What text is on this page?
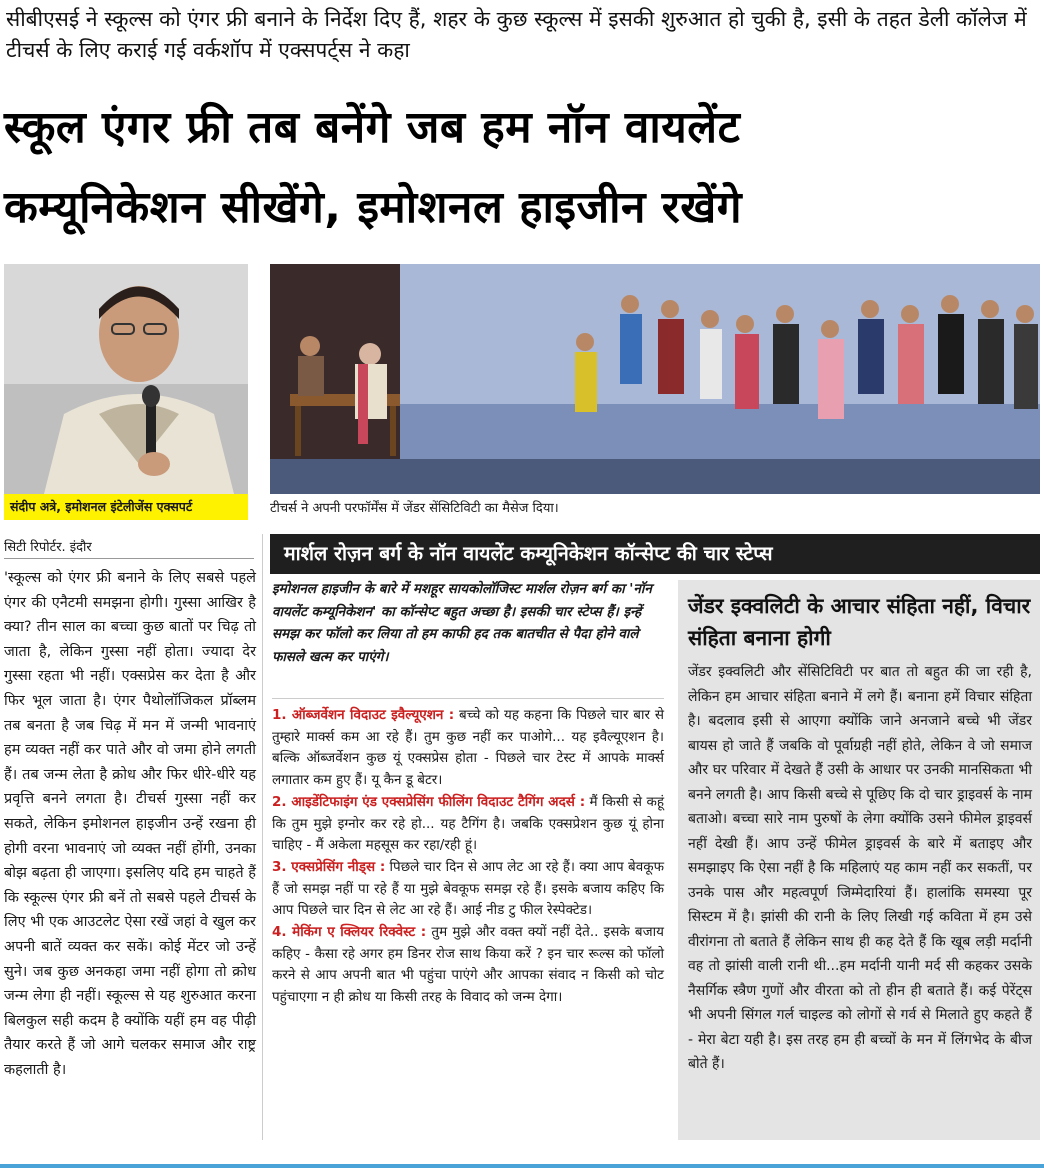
सीबीएसई ने स्कूल्स को एंगर फ्री बनाने के निर्देश दिए हैं, शहर के कुछ स्कूल्स में इसकी शुरुआत हो चुकी है, इसी के तहत डेली कॉलेज में टीचर्स के लिए कराई गई वर्कशॉप में एक्सपर्ट्स ने कहा
स्कूल एंगर फ्री तब बनेंगे जब हम नॉन वायलेंट
कम्यूनिकेशन सीखेंगे, इमोशनल हाइजीन रखेंगे
संदीप अत्रे, इमोशनल इंटेलीजेंस एक्सपर्ट	टीचर्स ने अपनी परफॉर्मेंस में जेंडर सेंसिटिविटी का मैसेज दिया।
सिटी रिपोर्टर. इंदौर
'स्कूल्स को एंगर फ्री बनाने के लिए सबसे पहले एंगर की एनैटमी समझना होगी। गुस्सा आखिर है क्या? तीन साल का बच्चा कुछ बातों पर चिढ़ तो जाता है, लेकिन गुस्सा नहीं होता। ज्यादा देर गुस्सा रहता भी नहीं। एक्सप्रेस कर देता है और फिर भूल जाता है। एंगर पैथोलॉजिकल प्रॉब्लम तब बनता है जब चिढ़ में मन में जन्मी भावनाएं हम व्यक्त नहीं कर पाते और वो जमा होने लगती हैं। तब जन्म लेता है क्रोध और फिर धीरे-धीरे यह प्रवृत्ति बनने लगता है। टीचर्स गुस्सा नहीं कर सकते, लेकिन इमोशनल हाइजीन उन्हें रखना ही होगी वरना भावनाएं जो व्यक्त नहीं होंगी, उनका बोझ बढ़ता ही जाएगा। इसलिए यदि हम चाहते हैं कि स्कूल्स एंगर फ्री बनें तो सबसे पहले टीचर्स के लिए भी एक आउटलेट ऐसा रखें जहां वे खुल कर अपनी बातें व्यक्त कर सकें। कोई मेंटर जो उन्हें सुने। जब कुछ अनकहा जमा नहीं होगा तो क्रोध जन्म लेगा ही नहीं। स्कूल्स से यह शुरुआत करना बिलकुल सही कदम है क्योंकि यहीं हम वह पीढ़ी तैयार करते हैं जो आगे चलकर समाज और राष्ट्र कहलाती है।
मार्शल रोज़न बर्ग के नॉन वायलेंट कम्यूनिकेशन कॉन्सेप्ट की चार स्टेप्स
इमोशनल हाइजीन के बारे में मशहूर सायकोलॉजिस्ट मार्शल रोज़न बर्ग का 'नॉन वायलेंट कम्यूनिकेशन' का कॉन्सेप्ट बहुत अच्छा है। इसकी चार स्टेप्स हैं। इन्हें समझ कर फॉलो कर लिया तो हम काफी हद तक बातचीत से पैदा होने वाले फासले खत्म कर पाएंगे।

1. ऑब्जर्वेशन विदाउट इवैल्यूएशन : बच्चे को यह कहना कि पिछले चार बार से तुम्हारे मार्क्स कम आ रहे हैं। तुम कुछ नहीं कर पाओगे... यह इवैल्यूएशन है। बल्कि ऑब्जर्वेशन कुछ यूं एक्सप्रेस होता - पिछले चार टेस्ट में आपके मार्क्स लगातार कम हुए हैं। यू कैन डू बेटर।

2. आइडेंटिफाइंग एंड एक्सप्रेसिंग फीलिंग विदाउट टैगिंग अदर्स : मैं किसी से कहूं कि तुम मुझे इग्नोर कर रहे हो... यह टैगिंग है। जबकि एक्सप्रेशन कुछ यूं होना चाहिए - मैं अकेला महसूस कर रहा/रही हूं।

3. एक्सप्रेसिंग नीड्स : पिछले चार दिन से आप लेट आ रहे हैं। क्या आप बेवकूफ हैं जो समझ नहीं पा रहे हैं या मुझे बेवकूफ समझ रहे हैं। इसके बजाय कहिए कि आप पिछले चार दिन से लेट आ रहे हैं। आई नीड टु फील रेस्पेक्टेड।

4. मेकिंग ए क्लियर रिक्वेस्ट : तुम मुझे और वक्त क्यों नहीं देते.. इसके बजाय कहिए - कैसा रहे अगर हम डिनर रोज साथ किया करें ? इन चार रूल्स को फॉलो करने से आप अपनी बात भी पहुंचा पाएंगे और आपका संवाद न किसी को चोट पहुंचाएगा न ही क्रोध या किसी तरह के विवाद को जन्म देगा।

जेंडर इक्वलिटी के आचार संहिता नहीं, विचार संहिता बनाना होगी
जेंडर इक्वलिटी और सेंसिटिविटी पर बात तो बहुत की जा रही है, लेकिन हम आचार संहिता बनाने में लगे हैं। बनाना हमें विचार संहिता है। बदलाव इसी से आएगा क्योंकि जाने अनजाने बच्चे भी जेंडर बायस हो जाते हैं जबकि वो पूर्वाग्रही नहीं होते, लेकिन वे जो समाज और घर परिवार में देखते हैं उसी के आधार पर उनकी मानसिकता भी बनने लगती है। आप किसी बच्चे से पूछिए कि दो चार ड्राइवर्स के नाम बताओ। बच्चा सारे नाम पुरुषों के लेगा क्योंकि उसने फीमेल ड्राइवर्स नहीं देखी हैं। आप उन्हें फीमेल ड्राइवर्स के बारे में बताइए और समझाइए कि ऐसा नहीं है कि महिलाएं यह काम नहीं कर सकतीं, पर उनके पास और महत्वपूर्ण जिम्मेदारियां हैं। हालांकि समस्या पूर सिस्टम में है। झांसी की रानी के लिए लिखी गई कविता में हम उसे वीरांगना तो बताते हैं लेकिन साथ ही कह देते हैं कि खूब लड़ी मर्दानी वह तो झांसी वाली रानी थी...हम मर्दानी यानी मर्द सी कहकर उसके नैसर्गिक स्त्रैण गुणों और वीरता को तो हीन ही बताते हैं। कई पेरेंट्स भी अपनी सिंगल गर्ल चाइल्ड को लोगों से गर्व से मिलाते हुए कहते हैं - मेरा बेटा यही है। इस तरह हम ही बच्चों के मन में लिंगभेद के बीज बोते हैं।
